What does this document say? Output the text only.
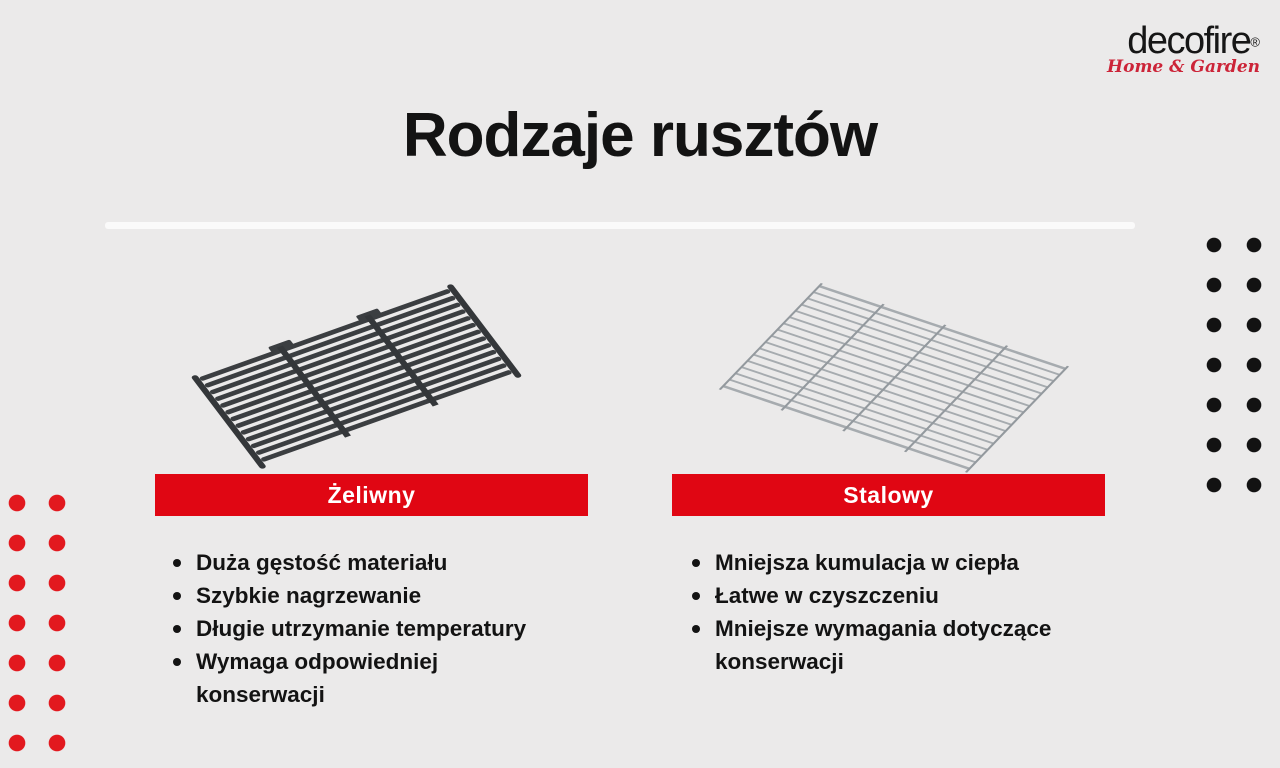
decofire®
Home & Garden
Rodzaje rusztów
Żeliwny	Stalowy
Duża gęstość materiału
Szybkie nagrzewanie
Długie utrzymanie temperatury
Wymaga odpowiedniej konserwacji
Mniejsza kumulacja w ciepła
Łatwe w czyszczeniu
Mniejsze wymagania dotyczące konserwacji
